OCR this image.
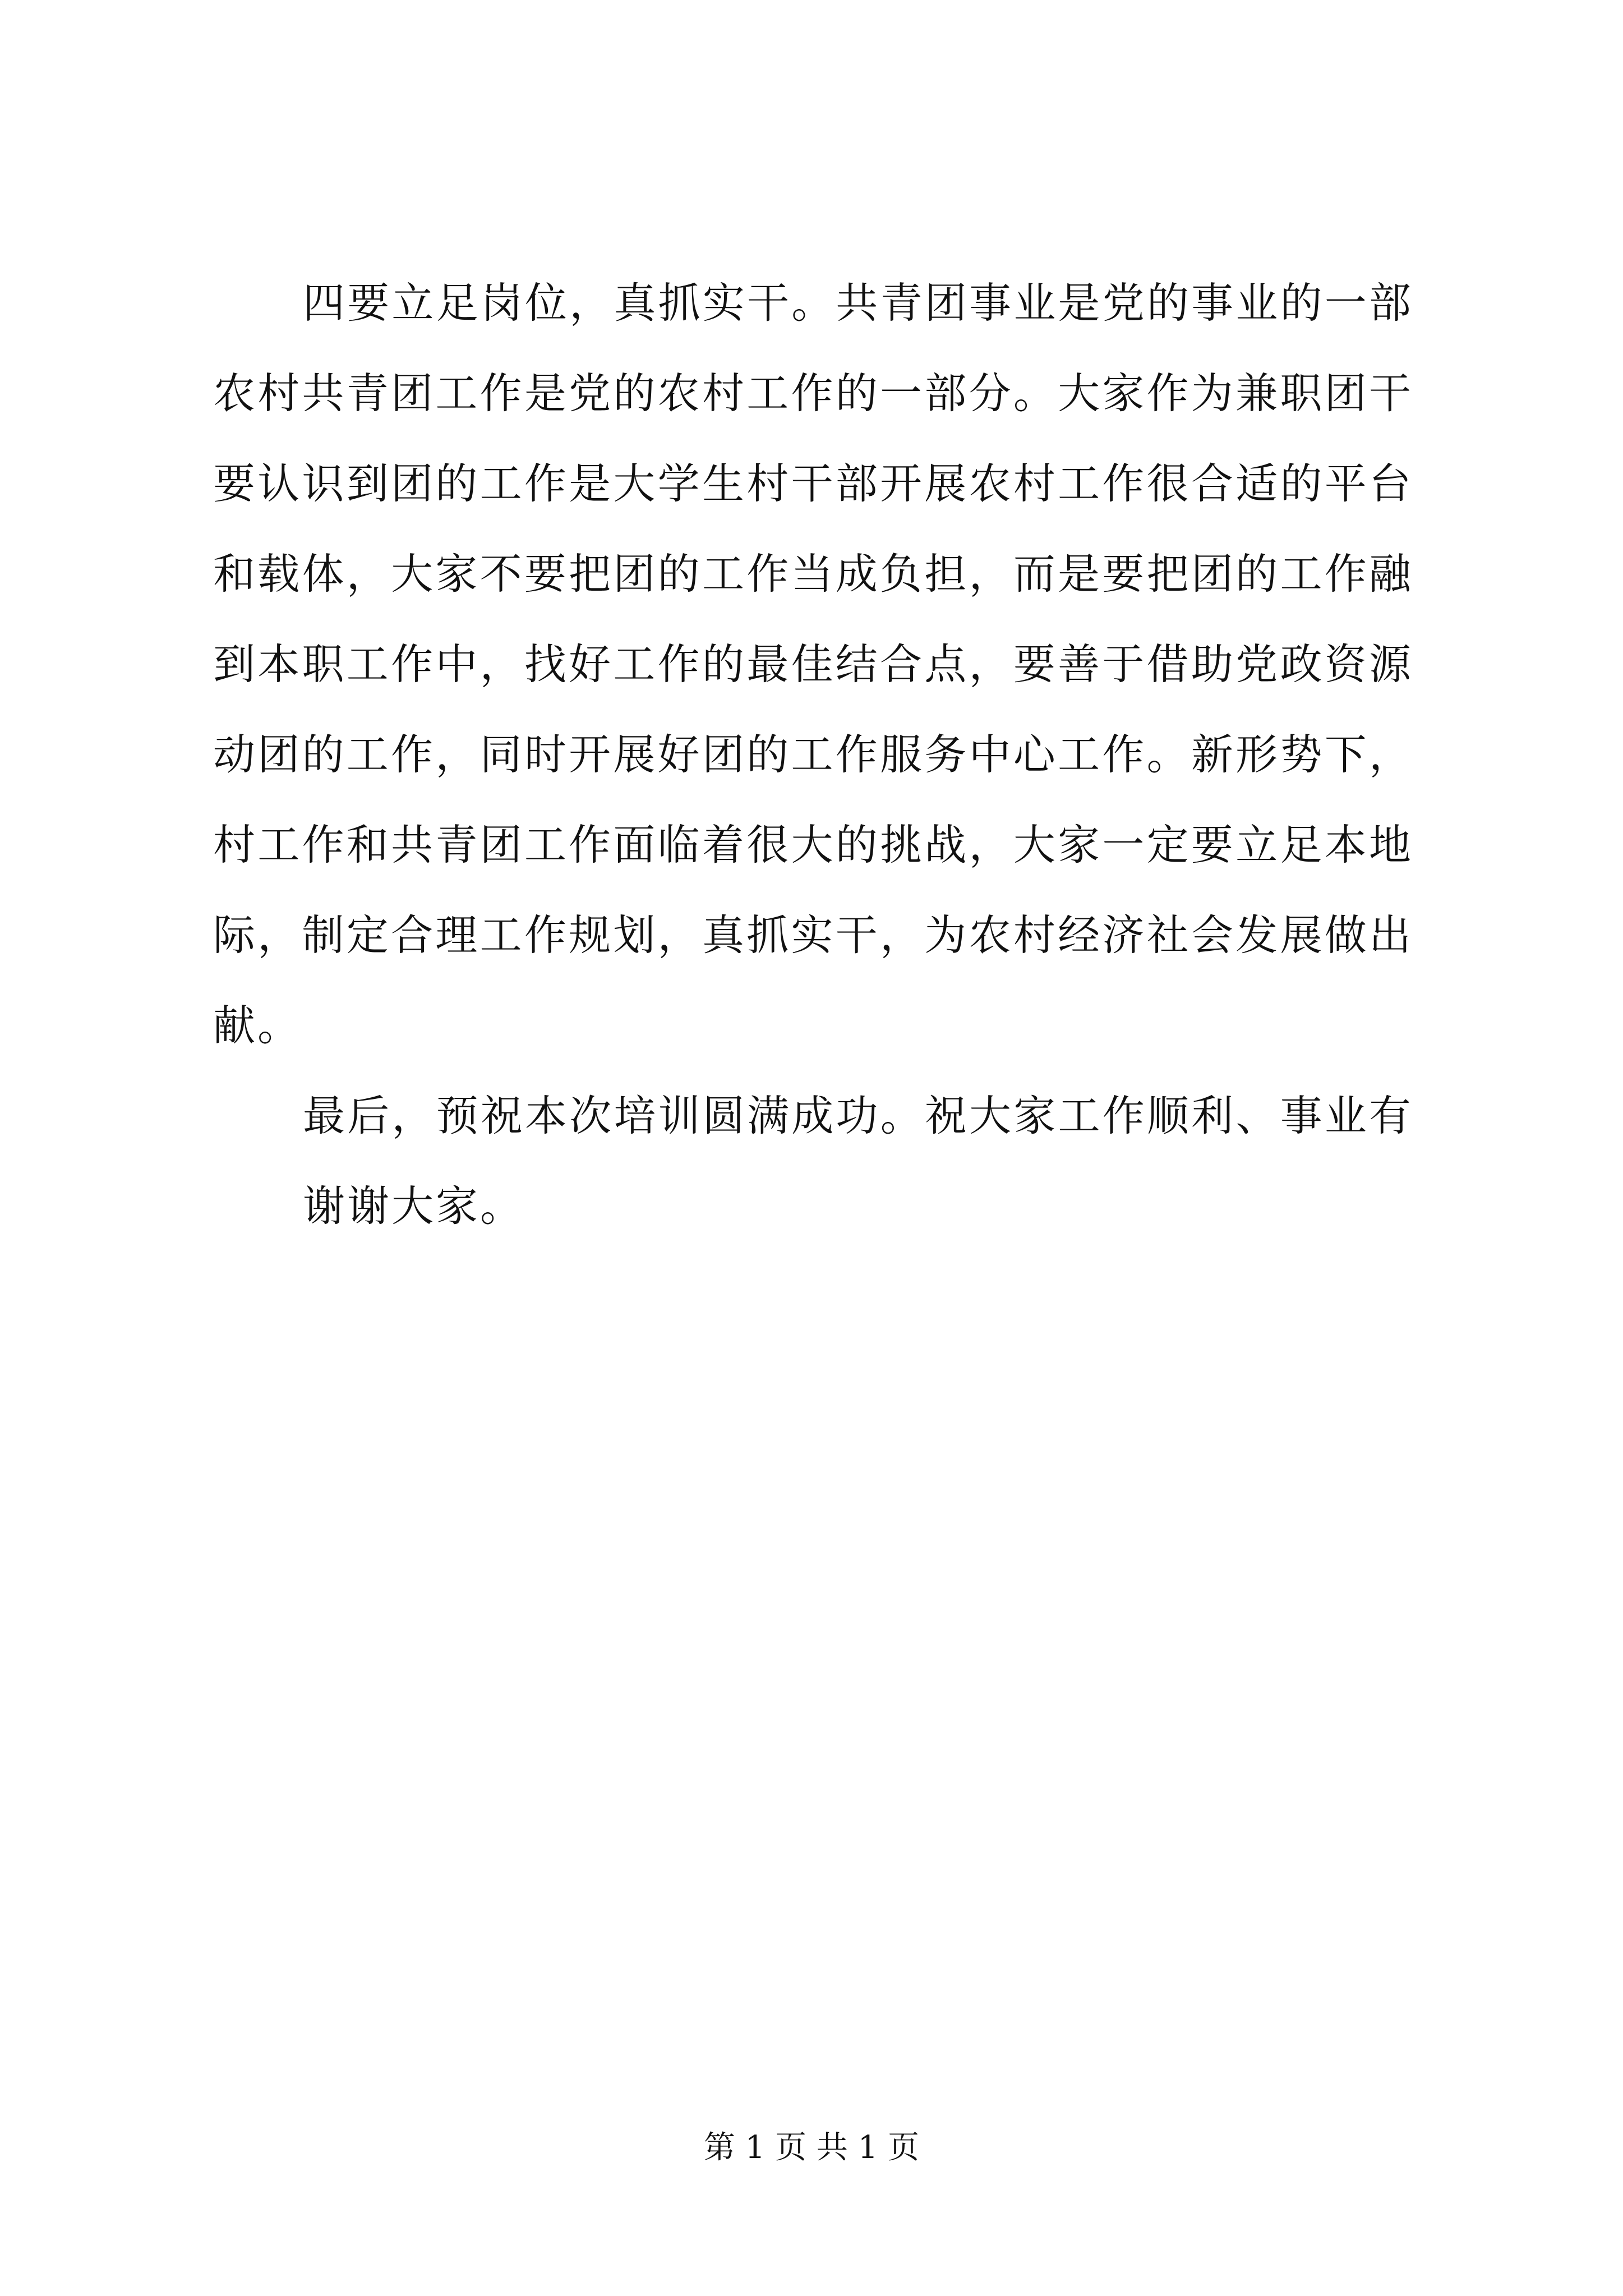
四要立足岗位，真抓实干。共青团事业是党的事业的一部
农村共青团工作是党的农村工作的一部分。大家作为兼职团干
要认识到团的工作是大学生村干部开展农村工作很合适的平台
和载体，大家不要把团的工作当成负担，而是要把团的工作融
到本职工作中，找好工作的最佳结合点，要善于借助党政资源
动团的工作，同时开展好团的工作服务中心工作。新形势下，
村工作和共青团工作面临着很大的挑战，大家一定要立足本地
际，制定合理工作规划，真抓实干，为农村经济社会发展做出
献。
最后，预祝本次培训圆满成功。祝大家工作顺利、事业有
谢谢大家。
第 1 页 共 1 页
